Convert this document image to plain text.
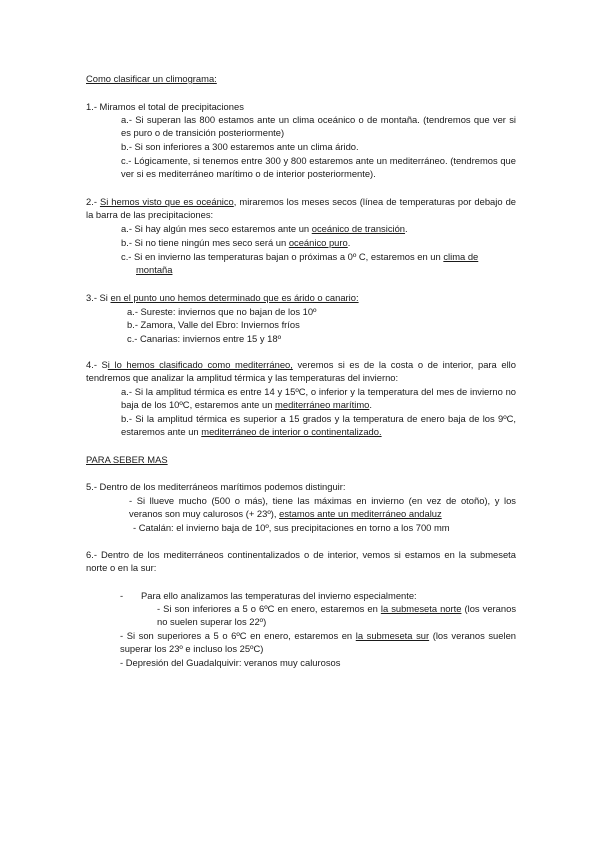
Como clasificar un climograma:
1.- Miramos el total de precipitaciones
a.- Si superan las 800 estamos ante un clima oceánico o de montaña. (tendremos que ver si es puro o de transición posteriormente)
b.- Si son inferiores a 300 estaremos ante un clima árido.
c.- Lógicamente, si tenemos entre 300 y 800 estaremos ante un mediterráneo. (tendremos que ver si es mediterráneo marítimo o de interior posteriormente).
2.- Si hemos visto que es oceánico, miraremos los meses secos (línea de temperaturas por debajo de la barra de las precipitaciones:
a.- Si hay algún mes seco estaremos ante un oceánico de transición.
b.- Si no tiene ningún mes seco será un oceánico puro.
c.- Si en invierno las temperaturas bajan o próximas a 0º C, estaremos en un clima de
montaña
3.- Si en el punto uno hemos determinado que es árido o canario:
a.- Sureste: inviernos que no bajan de los 10º
b.- Zamora, Valle del Ebro: Inviernos fríos
c.- Canarias: inviernos entre 15 y 18º
4.- Si lo hemos clasificado como mediterráneo, veremos si es de la costa o de interior, para ello tendremos que analizar la amplitud térmica y las temperaturas del invierno:
a.- Si la amplitud térmica es entre 14 y 15ºC, o inferior y la temperatura del mes de invierno no baja de los 10ºC, estaremos ante un mediterráneo marítimo.
b.- Si la amplitud térmica es superior a 15 grados y la temperatura de enero baja de los 9ºC, estaremos ante un mediterráneo de interior o continentalizado.
PARA SEBER MAS
5.- Dentro de los mediterráneos marítimos podemos distinguir:
- Si llueve mucho (500 o más), tiene las máximas en invierno (en vez de otoño), y los veranos son muy calurosos (+ 23º), estamos ante un mediterráneo andaluz
- Catalán: el invierno baja de 10º, sus precipitaciones en torno a los 700 mm
6.- Dentro de los mediterráneos continentalizados o de interior, vemos si estamos en la submeseta norte o en la sur:
- Para ello analizamos las temperaturas del invierno especialmente:
- Si son inferiores a 5 o 6ºC en enero, estaremos en la submeseta norte (los veranos no suelen superar los 22º)
- Si son superiores a 5 o 6ºC en enero, estaremos en la submeseta sur (los veranos suelen superar los 23º e incluso los 25ºC)
- Depresión del Guadalquivir: veranos muy calurosos
